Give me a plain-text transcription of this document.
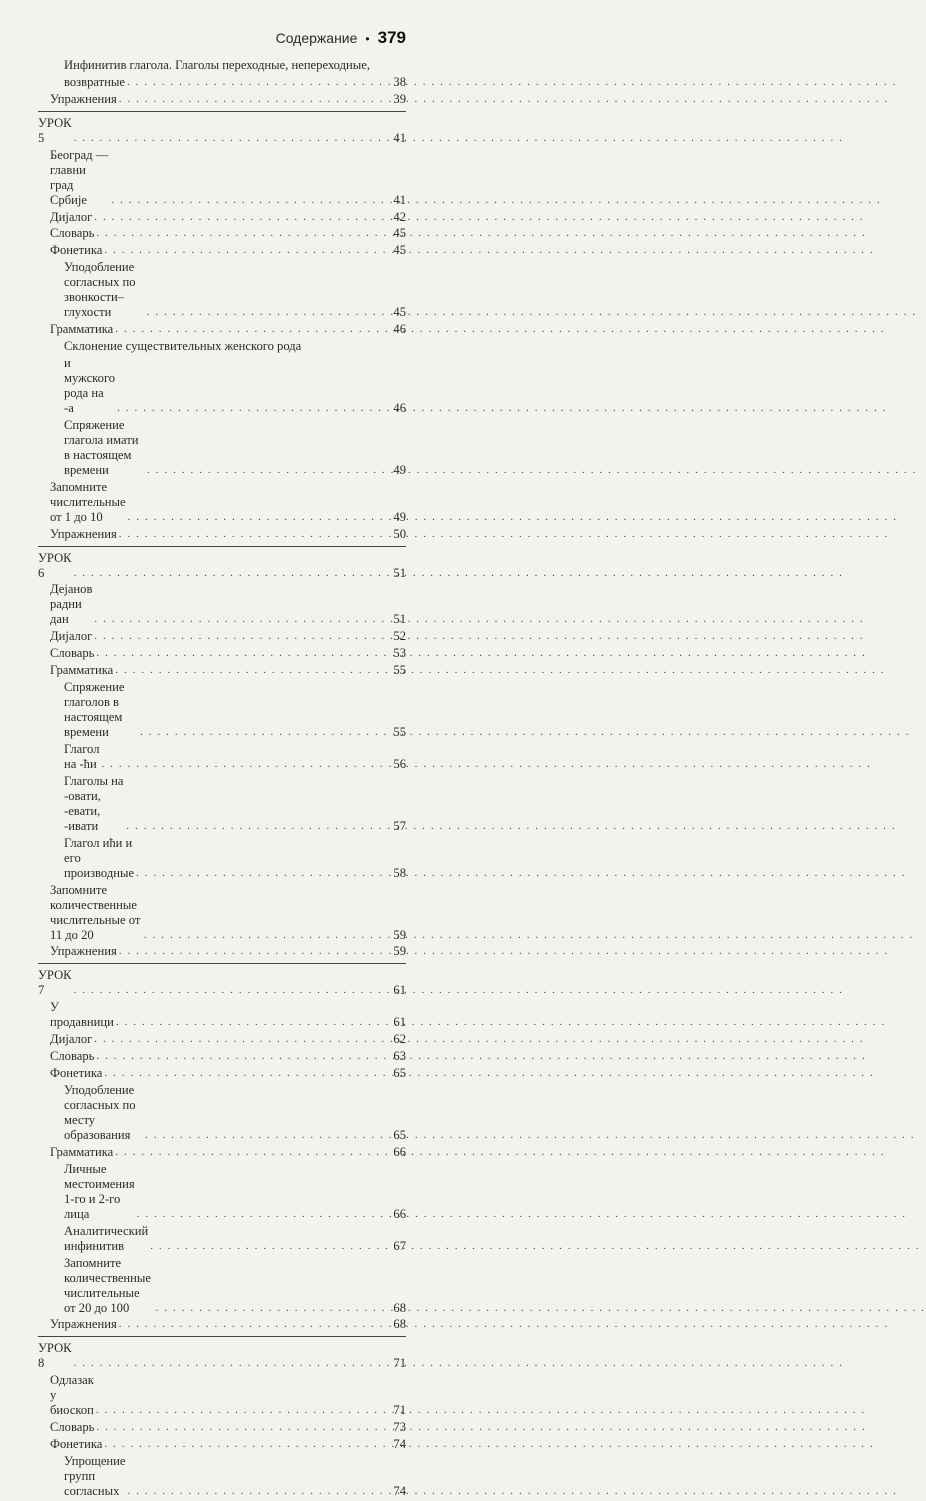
Содержание • 379
Инфинитив глагола. Глаголы переходные, непереходные,
возвратные . . .	38
Упражнения . . .	39
УРОК 5 . . .	41
Београд — главни град Србије . . .	41
Дијалог . . .	42
Словарь . . .	45
Фонетика . . .	45
Уподобление согласных по звонкости–глухости . . .	45
Грамматика . . .	46
Склонение существительных женского рода
и мужского рода на -а . . .	46
Спряжение глагола имати в настоящем времени . . .	49
Запомните числительные от 1 до 10 . . .	49
Упражнения . . .	50
УРОК 6 . . .	51
Дејанов радни дан . . .	51
Дијалог . . .	52
Словарь . . .	53
Грамматика . . .	55
Спряжение глаголов в настоящем времени . . .	55
Глагол на -ћи . . .	56
Глаголы на -овати, -евати, -ивати . . .	57
Глагол ићи и его производные . . .	58
Запомните количественные числительные от 11 до 20 . . .	59
Упражнения . . .	59
УРОК 7 . . .	61
У продавници . . .	61
Дијалог . . .	62
Словарь . . .	63
Фонетика . . .	65
Уподобление согласных по месту образования . . .	65
Грамматика . . .	66
Личные местоимения 1-го и 2-го лица . . .	66
Аналитический инфинитив . . .	67
Запомните количественные числительные от 20 до 100 . . .	68
Упражнения . . .	68
УРОК 8 . . .	71
Одлазак у биоскоп . . .	71
Словарь . . .	73
Фонетика . . .	74
Упрощение групп согласных . . .	74
